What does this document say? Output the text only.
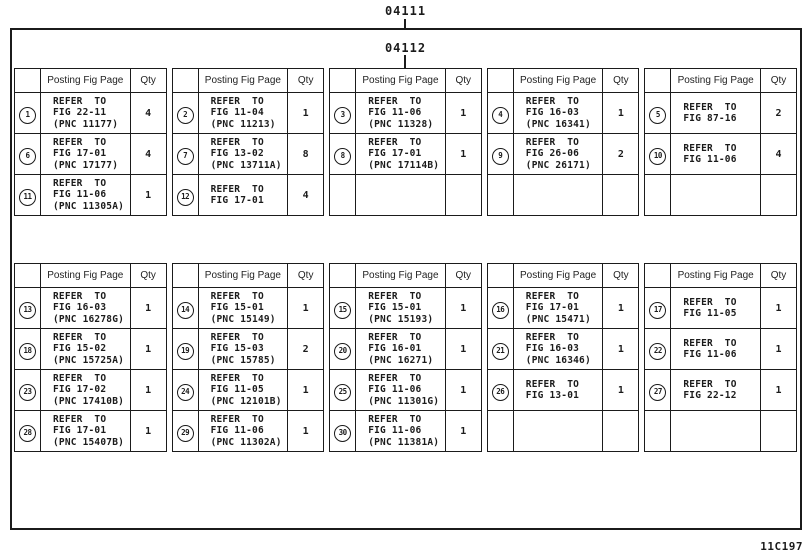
04111
04112
	Posting Fig Page	Qty
1	REFER  TO
FIG 22-11
(PNC 11177)	4
6	REFER  TO
FIG 17-01
(PNC 17177)	4
11	REFER  TO
FIG 11-06
(PNC 11305A)	1
	Posting Fig Page	Qty
2	REFER  TO
FIG 11-04
(PNC 11213)	1
7	REFER  TO
FIG 13-02
(PNC 13711A)	8
12	REFER  TO
FIG 17-01	4
	Posting Fig Page	Qty
3	REFER  TO
FIG 11-06
(PNC 11328)	1
8	REFER  TO
FIG 17-01
(PNC 17114B)	1

	Posting Fig Page	Qty
4	REFER  TO
FIG 16-03
(PNC 16341)	1
9	REFER  TO
FIG 26-06
(PNC 26171)	2

	Posting Fig Page	Qty
5	REFER  TO
FIG 87-16	2
10	REFER  TO
FIG 11-06	4

	Posting Fig Page	Qty
13	REFER  TO
FIG 16-03
(PNC 16278G)	1
18	REFER  TO
FIG 15-02
(PNC 15725A)	1
23	REFER  TO
FIG 17-02
(PNC 17410B)	1
28	REFER  TO
FIG 17-01
(PNC 15407B)	1
	Posting Fig Page	Qty
14	REFER  TO
FIG 15-01
(PNC 15149)	1
19	REFER  TO
FIG 15-03
(PNC 15785)	2
24	REFER  TO
FIG 11-05
(PNC 12101B)	1
29	REFER  TO
FIG 11-06
(PNC 11302A)	1
	Posting Fig Page	Qty
15	REFER  TO
FIG 15-01
(PNC 15193)	1
20	REFER  TO
FIG 16-01
(PNC 16271)	1
25	REFER  TO
FIG 11-06
(PNC 11301G)	1
30	REFER  TO
FIG 11-06
(PNC 11381A)	1
	Posting Fig Page	Qty
16	REFER  TO
FIG 17-01
(PNC 15471)	1
21	REFER  TO
FIG 16-03
(PNC 16346)	1
26	REFER  TO
FIG 13-01	1

	Posting Fig Page	Qty
17	REFER  TO
FIG 11-05	1
22	REFER  TO
FIG 11-06	1
27	REFER  TO
FIG 22-12	1

11C197
